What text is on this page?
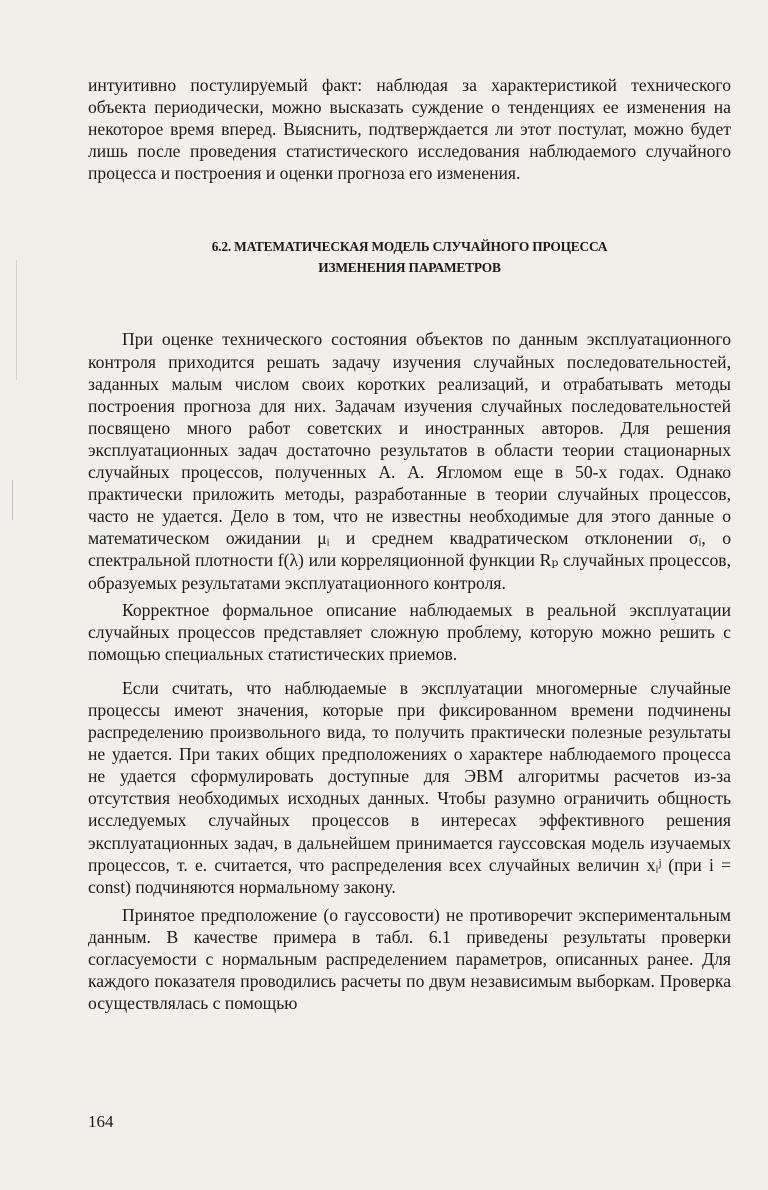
интуитивно постулируемый факт: наблюдая за характеристикой технического объекта периодически, можно высказать суждение о тенденциях ее изменения на некоторое время вперед. Выяснить, подтверждается ли этот постулат, можно будет лишь после проведения статистического исследования наблюдаемого случайного процесса и построения и оценки прогноза его изменения.

6.2. МАТЕМАТИЧЕСКАЯ МОДЕЛЬ СЛУЧАЙНОГО ПРОЦЕССА
ИЗМЕНЕНИЯ ПАРАМЕТРОВ

При оценке технического состояния объектов по данным эксплуатационного контроля приходится решать задачу изучения случайных последовательностей, заданных малым числом своих коротких реализаций, и отрабатывать методы построения прогноза для них. Задачам изучения случайных последовательностей посвящено много работ советских и иностранных авторов. Для решения эксплуатационных задач достаточно результатов в области теории стационарных случайных процессов, полученных А. А. Ягломом еще в 50-х годах. Однако практически приложить методы, разработанные в теории случайных процессов, часто не удается. Дело в том, что не известны необходимые для этого данные о математическом ожидании μᵢ и среднем квадратическом отклонении σᵢ, о спектральной плотности f(λ) или корреляционной функции Rₚ случайных процессов, образуемых результатами эксплуатационного контроля.

Корректное формальное описание наблюдаемых в реальной эксплуатации случайных процессов представляет сложную проблему, которую можно решить с помощью специальных статистических приемов.

Если считать, что наблюдаемые в эксплуатации многомерные случайные процессы имеют значения, которые при фиксированном времени подчинены распределению произвольного вида, то получить практически полезные результаты не удается. При таких общих предположениях о характере наблюдаемого процесса не удается сформулировать доступные для ЭВМ алгоритмы расчетов из-за отсутствия необходимых исходных данных. Чтобы разумно ограничить общность исследуемых случайных процессов в интересах эффективного решения эксплуатационных задач, в дальнейшем принимается гауссовская модель изучаемых процессов, т. е. считается, что распределения всех случайных величин xᵢʲ (при i = const) подчиняются нормальному закону.

Принятое предположение (о гауссовости) не противоречит экспериментальным данным. В качестве примера в табл. 6.1 приведены результаты проверки согласуемости с нормальным распределением параметров, описанных ранее. Для каждого показателя проводились расчеты по двум независимым выборкам. Проверка осуществлялась с помощью

164
